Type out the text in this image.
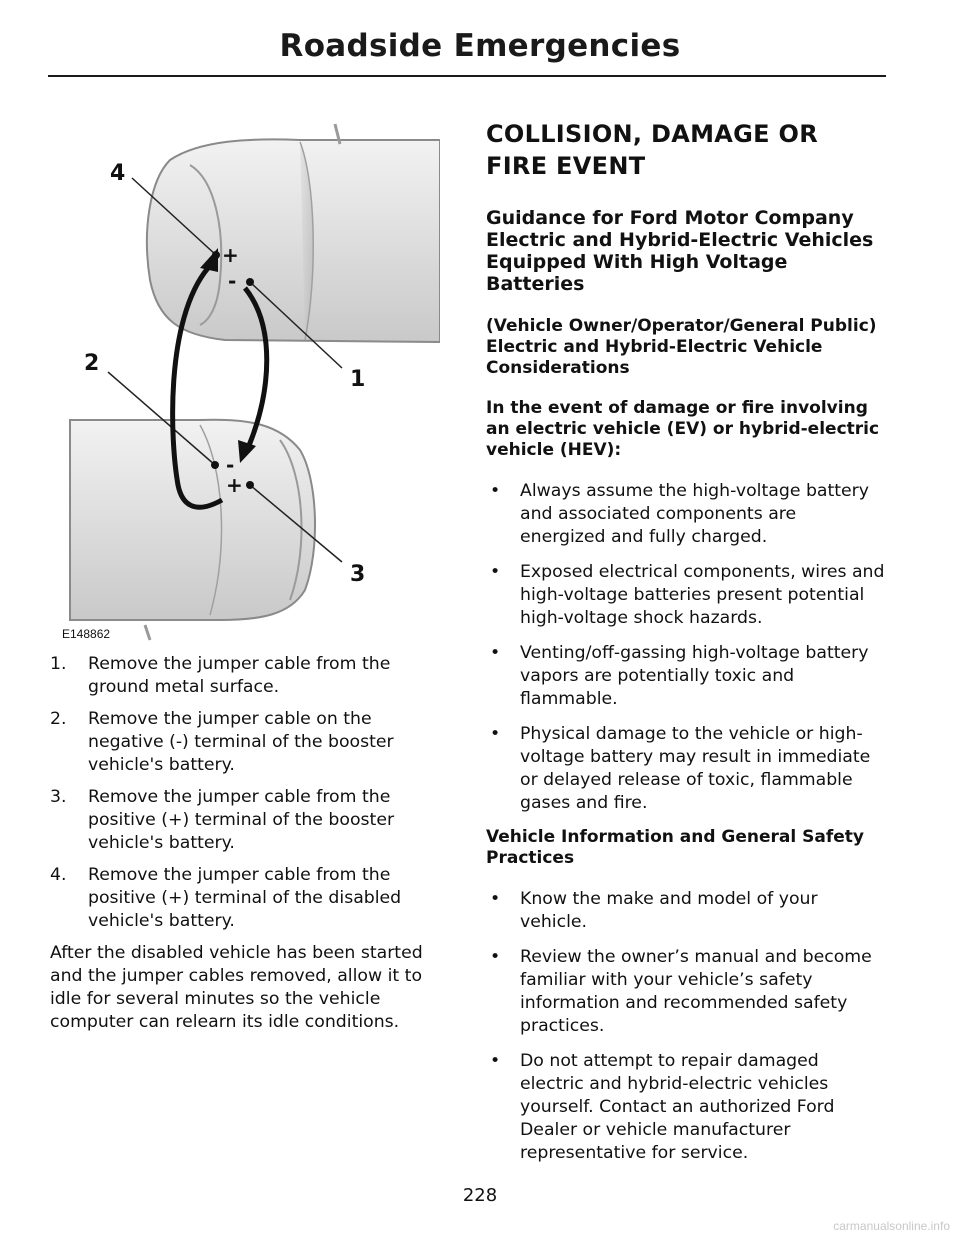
Roadside Emergencies
+
-
-
+
4
1
2
3
E148862
1. Remove the jumper cable from the ground metal surface.
2. Remove the jumper cable on the negative (-) terminal of the booster vehicle's battery.
3. Remove the jumper cable from the positive (+) terminal of the booster vehicle's battery.
4. Remove the jumper cable from the positive (+) terminal of the disabled vehicle's battery.

After the disabled vehicle has been started and the jumper cables removed, allow it to idle for several minutes so the vehicle computer can relearn its idle conditions.

COLLISION, DAMAGE OR FIRE EVENT
Guidance for Ford Motor Company Electric and Hybrid-Electric Vehicles Equipped With High Voltage Batteries
(Vehicle Owner/Operator/General Public)
Electric and Hybrid-Electric Vehicle Considerations
In the event of damage or fire involving an electric vehicle (EV) or hybrid-electric vehicle (HEV):
• Always assume the high-voltage battery and associated components are energized and fully charged.
• Exposed electrical components, wires and high-voltage batteries present potential high-voltage shock hazards.
• Venting/off-gassing high-voltage battery vapors are potentially toxic and flammable.
• Physical damage to the vehicle or high-voltage battery may result in immediate or delayed release of toxic, flammable gases and fire.
Vehicle Information and General Safety Practices
• Know the make and model of your vehicle.
• Review the owner’s manual and become familiar with your vehicle’s safety information and recommended safety practices.
• Do not attempt to repair damaged electric and hybrid-electric vehicles yourself. Contact an authorized Ford Dealer or vehicle manufacturer representative for service.
228
carmanualsonline.info
